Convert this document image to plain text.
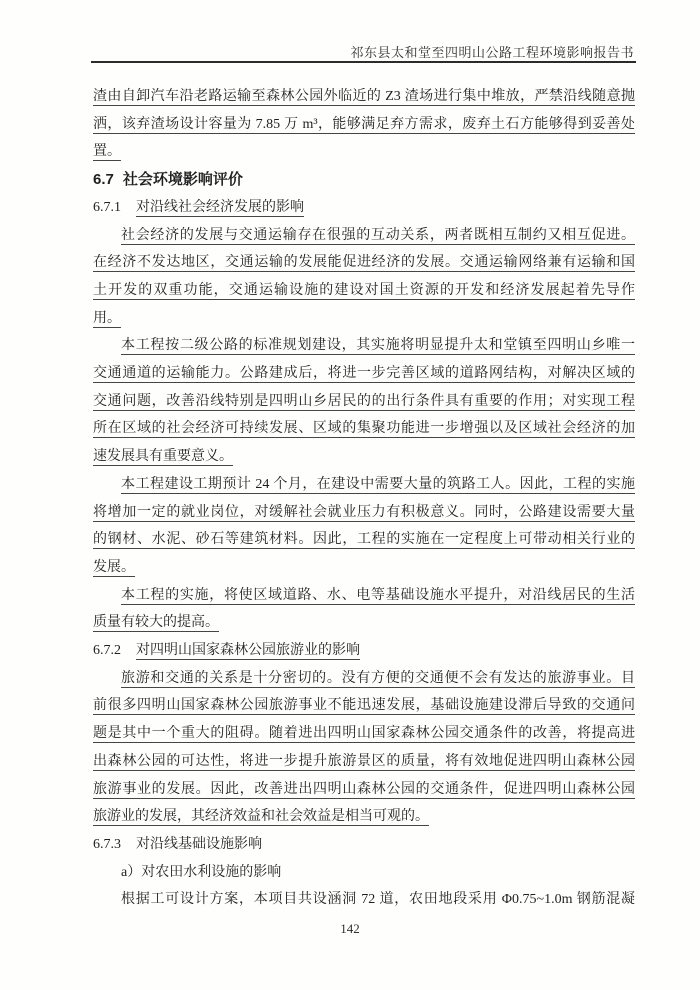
祁东县太和堂至四明山公路工程环境影响报告书
渣由自卸汽车沿老路运输至森林公园外临近的 Z3 渣场进行集中堆放，严禁沿线随意抛
洒，该弃渣场设计容量为 7.85 万 m³，能够满足弃方需求，废弃土石方能够得到妥善处
置。
6.7 社会环境影响评价
6.7.1 对沿线社会经济发展的影响
社会经济的发展与交通运输存在很强的互动关系，两者既相互制约又相互促进。
在经济不发达地区，交通运输的发展能促进经济的发展。交通运输网络兼有运输和国
土开发的双重功能，交通运输设施的建设对国土资源的开发和经济发展起着先导作
用。
本工程按二级公路的标准规划建设，其实施将明显提升太和堂镇至四明山乡唯一
交通通道的运输能力。公路建成后，将进一步完善区域的道路网结构，对解决区域的
交通问题，改善沿线特别是四明山乡居民的的出行条件具有重要的作用；对实现工程
所在区域的社会经济可持续发展、区域的集聚功能进一步增强以及区域社会经济的加
速发展具有重要意义。
本工程建设工期预计 24 个月，在建设中需要大量的筑路工人。因此，工程的实施
将增加一定的就业岗位，对缓解社会就业压力有积极意义。同时，公路建设需要大量
的钢材、水泥、砂石等建筑材料。因此，工程的实施在一定程度上可带动相关行业的
发展。
本工程的实施，将使区域道路、水、电等基础设施水平提升，对沿线居民的生活
质量有较大的提高。
6.7.2 对四明山国家森林公园旅游业的影响
旅游和交通的关系是十分密切的。没有方便的交通便不会有发达的旅游事业。目
前很多四明山国家森林公园旅游事业不能迅速发展，基础设施建设滞后导致的交通问
题是其中一个重大的阻碍。随着进出四明山国家森林公园交通条件的改善，将提高进
出森林公园的可达性，将进一步提升旅游景区的质量，将有效地促进四明山森林公园
旅游事业的发展。因此，改善进出四明山森林公园的交通条件，促进四明山森林公园
旅游业的发展，其经济效益和社会效益是相当可观的。
6.7.3 对沿线基础设施影响
a）对农田水利设施的影响
根据工可设计方案，本项目共设涵洞 72 道，农田地段采用 Φ0.75~1.0m 钢筋混凝
142
